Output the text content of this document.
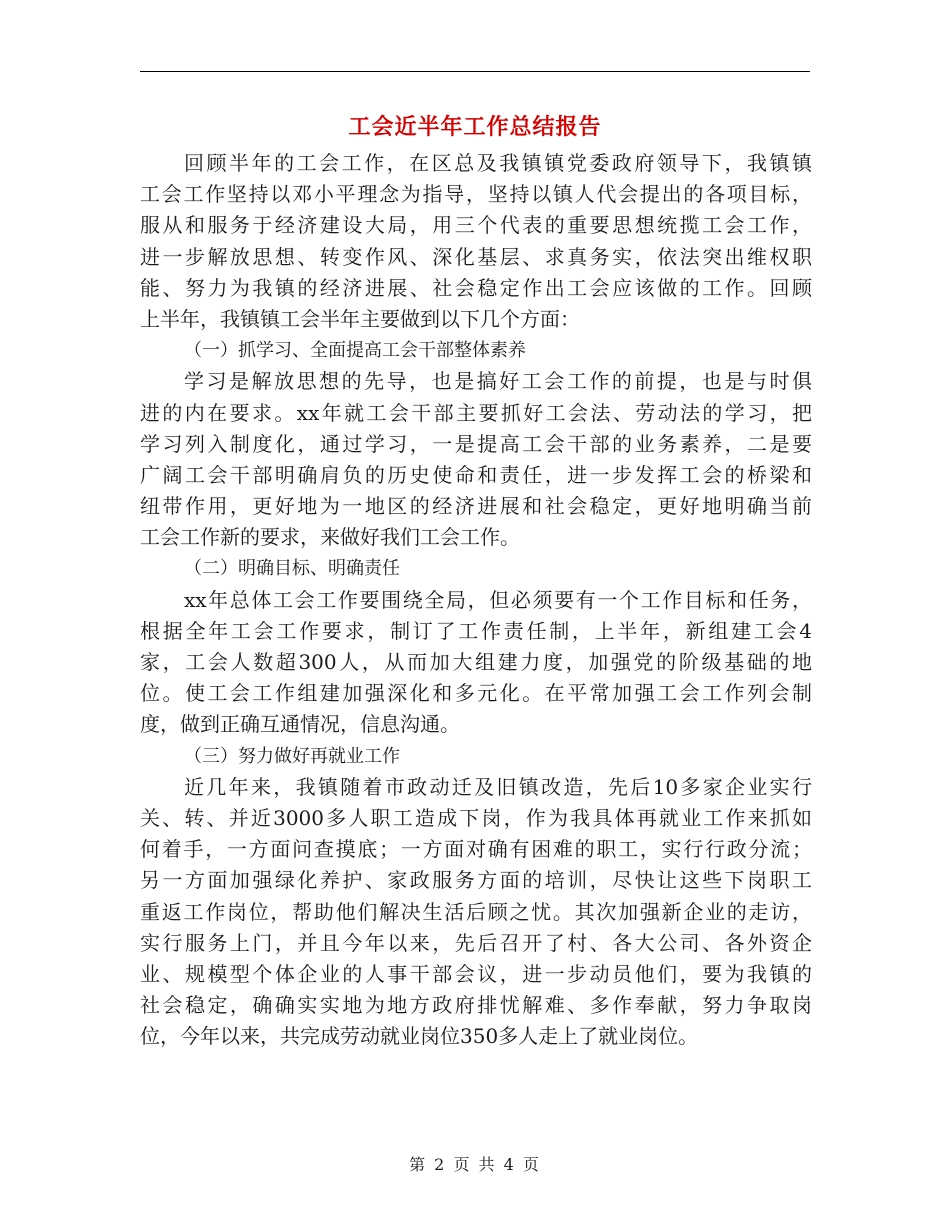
工会近半年工作总结报告
回顾半年的工会工作，在区总及我镇镇党委政府领导下，我镇镇
工会工作坚持以邓小平理念为指导，坚持以镇人代会提出的各项目标，
服从和服务于经济建设大局，用三个代表的重要思想统揽工会工作，
进一步解放思想、转变作风、深化基层、求真务实，依法突出维权职
能、努力为我镇的经济进展、社会稳定作出工会应该做的工作。回顾
上半年，我镇镇工会半年主要做到以下几个方面：
（一）抓学习、全面提高工会干部整体素养
学习是解放思想的先导，也是搞好工会工作的前提，也是与时俱
进的内在要求。xx年就工会干部主要抓好工会法、劳动法的学习，把
学习列入制度化，通过学习，一是提高工会干部的业务素养，二是要
广阔工会干部明确肩负的历史使命和责任，进一步发挥工会的桥梁和
纽带作用，更好地为一地区的经济进展和社会稳定，更好地明确当前
工会工作新的要求，来做好我们工会工作。
（二）明确目标、明确责任
xx年总体工会工作要围绕全局，但必须要有一个工作目标和任务，
根据全年工会工作要求，制订了工作责任制，上半年，新组建工会4
家，工会人数超300人，从而加大组建力度，加强党的阶级基础的地
位。使工会工作组建加强深化和多元化。在平常加强工会工作列会制
度，做到正确互通情况，信息沟通。
（三）努力做好再就业工作
近几年来，我镇随着市政动迁及旧镇改造，先后10多家企业实行
关、转、并近3000多人职工造成下岗，作为我具体再就业工作来抓如
何着手，一方面问查摸底；一方面对确有困难的职工，实行行政分流；
另一方面加强绿化养护、家政服务方面的培训，尽快让这些下岗职工
重返工作岗位，帮助他们解决生活后顾之忧。其次加强新企业的走访，
实行服务上门，并且今年以来，先后召开了村、各大公司、各外资企
业、规模型个体企业的人事干部会议，进一步动员他们，要为我镇的
社会稳定，确确实实地为地方政府排忧解难、多作奉献，努力争取岗
位，今年以来，共完成劳动就业岗位350多人走上了就业岗位。
第 2 页 共 4 页
